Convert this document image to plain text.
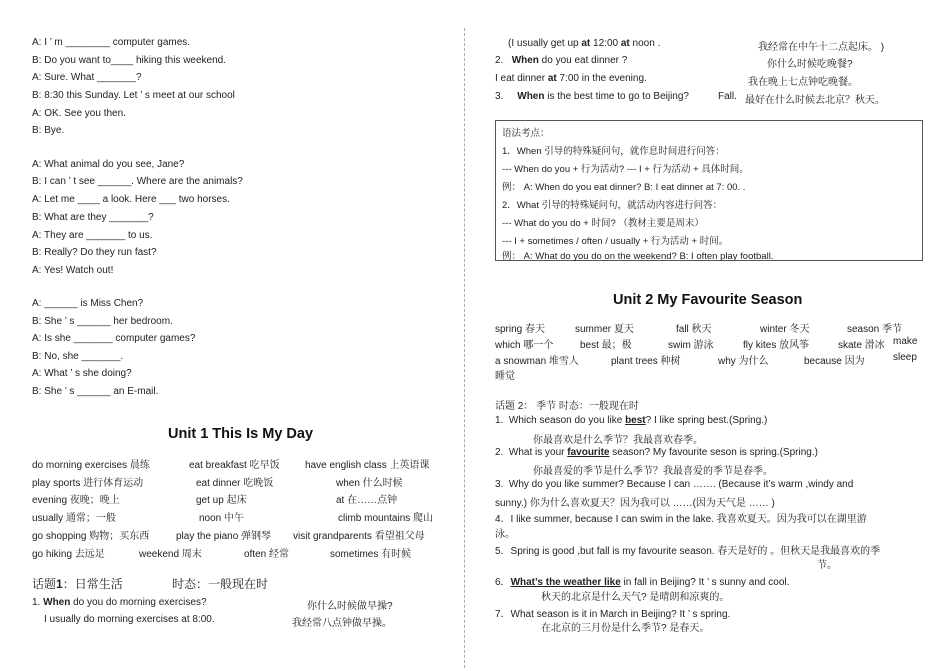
A: I ’ m ________ computer games.
B: Do you want to____ hiking this weekend.
A: Sure. What _______?
B: 8:30 this Sunday. Let ’ s meet at our school
A: OK. See you then.
B: Bye.
A: What animal do you see, Jane?
B: I can ’ t see ______. Where are the animals?
A: Let me ____ a look. Here ___ two horses.
B: What are they _______?
A: They are _______ to us.
B: Really? Do they run fast?
A: Yes! Watch out!
A: ______ is Miss Chen?
B: She ’ s ______ her bedroom.
A: Is she _______ computer games?
B: No, she _______.
A: What ’ s she doing?
B: She ’ s ______ an E-mail.
Unit 1 This Is My Day
do morning exercises 晨练	eat breakfast 吃早饭	have english class 上英语课
play sports 进行体育运动	eat dinner 吃晚饭	when 什么时候
evening 夜晚；晚上	get up 起床	at 在……点钟
usually 通常；一般	noon 中午	climb mountains 爬山
go shopping 购物；买东西	play the piano 弹钢琴 visit grandparents 看望祖父母
go hiking 去远足	weekend 周末	often 经常	sometimes 有时候
话题1：日常生活	时态：一般现在时
1. When do you do morning exercises?	你什么时候做早操?
I usually do morning exercises at 8:00.	我经常八点钟做早操。
(I usually get up at 12:00 at noon .	我经常在中午十二点起床。 )
2. When do you eat dinner ?	你什么时候吃晚餐?
I eat dinner at 7:00 in the evening.	我在晚上七点钟吃晚餐。
3. When is the best time to go to Beijing?	Fall. 最好在什么时候去北京？秋天。
语法考点：
1．When 引导的特殊疑问句，就作息时间进行问答：
--- When do you + 行为活动? --- I + 行为活动 + 具体时间。
例： A: When do you eat dinner? B: I eat dinner at 7: 00. .
2．What 引导的特殊疑问句，就活动内容进行问答：
--- What do you do + 时间? （教材主要是周末）
--- I + sometimes / often / usually + 行为活动 + 时间。
例： A: What do you do on the weekend? B: I often play football.
Unit 2 My Favourite Season
spring 春天	summer 夏天	fall 秋天	winter 冬天	season 季节
which 哪一个	best 最；极	swim 游泳	fly kites 放风筝	skate 滑冰 make
a snowman 堆雪人	plant trees 种树	why 为什么	because 因为	sleep
睡觉
话题 2： 季节 时态：一般现在时
1. Which season do you like best? I like spring best.(Spring.)
你最喜欢是什么季节？我最喜欢春季。
2. What is your favourite season? My favourite seson is spring.(Spring.)
你最喜爱的季节是什么季节？我最喜爱的季节是春季。
3. Why do you like summer? Because I can ……. (Because it’s warm ,windy and
sunny.) 你为什么喜欢夏天？因为我可以 ……(因为天气是 …… )
4．I like summer, because I can swim in the lake. 我喜欢夏天。因为我可以在湖里游
泳。
5．Spring is good ,but fall is my favourite season. 春天是好的 。但秋天是我最喜欢的季
节。
6．What’s the weather like in fall in Beijing? It ’ s sunny and cool.
秋天的北京是什么天气? 是晴朗和凉爽的。
7．What season is it in March in Beijing? It ’ s spring.
在北京的三月份是什么季节? 是春天。
